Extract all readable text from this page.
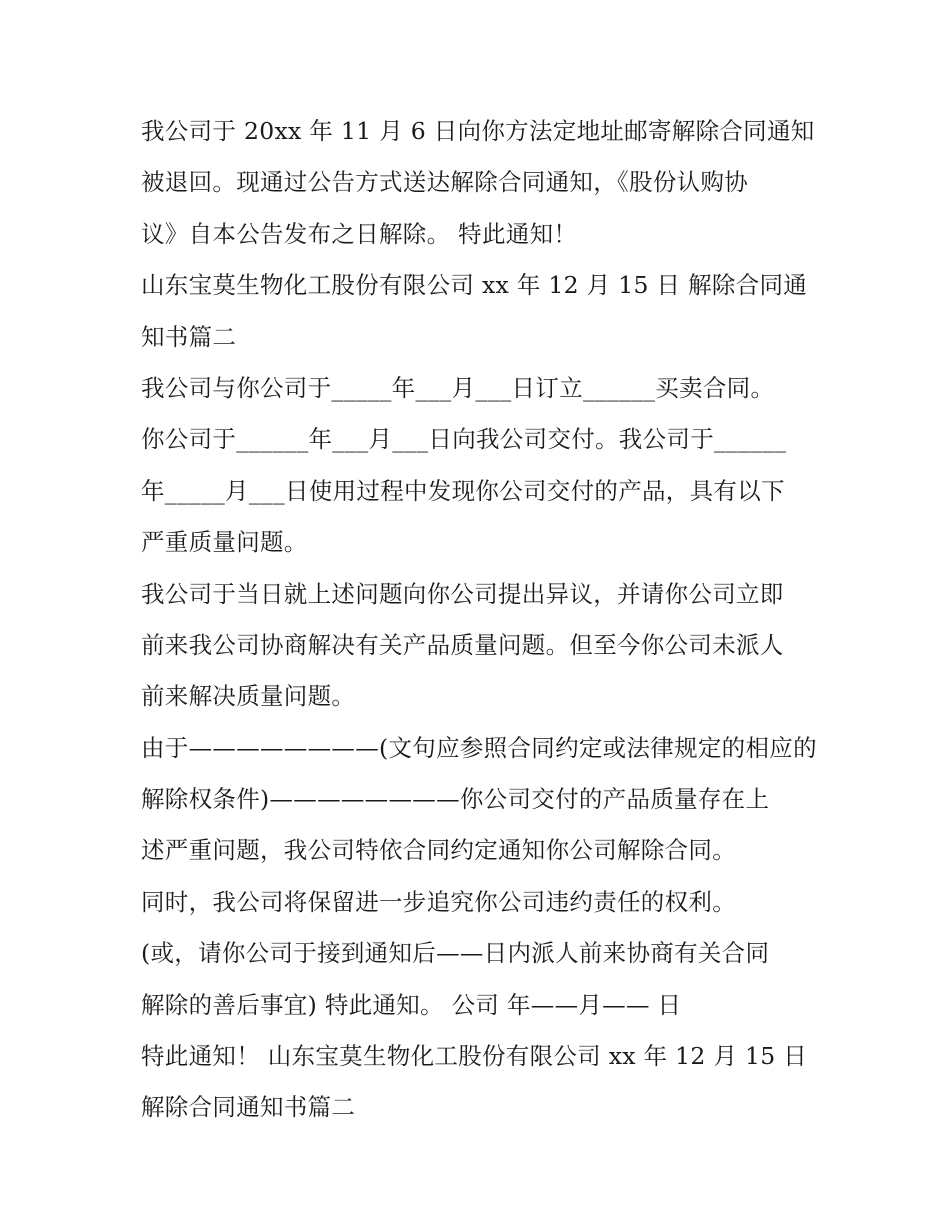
我公司于 20xx 年 11 月 6 日向你方法定地址邮寄解除合同通知
被退回。现通过公告方式送达解除合同通知，《股份认购协
议》自本公告发布之日解除。 特此通知！
山东宝莫生物化工股份有限公司 xx 年 12 月 15 日 解除合同通
知书篇二
我公司与你公司于_____年___月___日订立______买卖合同。
你公司于______年___月___日向我公司交付。我公司于______
年_____月___日使用过程中发现你公司交付的产品，具有以下
严重质量问题。
我公司于当日就上述问题向你公司提出异议，并请你公司立即
前来我公司协商解决有关产品质量问题。但至今你公司未派人
前来解决质量问题。
由于————————(文句应参照合同约定或法律规定的相应的
解除权条件)————————你公司交付的产品质量存在上
述严重问题，我公司特依合同约定通知你公司解除合同。
同时，我公司将保留进一步追究你公司违约责任的权利。
(或，请你公司于接到通知后——日内派人前来协商有关合同
解除的善后事宜) 特此通知。 公司 年——月—— 日
特此通知！ 山东宝莫生物化工股份有限公司 xx 年 12 月 15 日
解除合同通知书篇二
